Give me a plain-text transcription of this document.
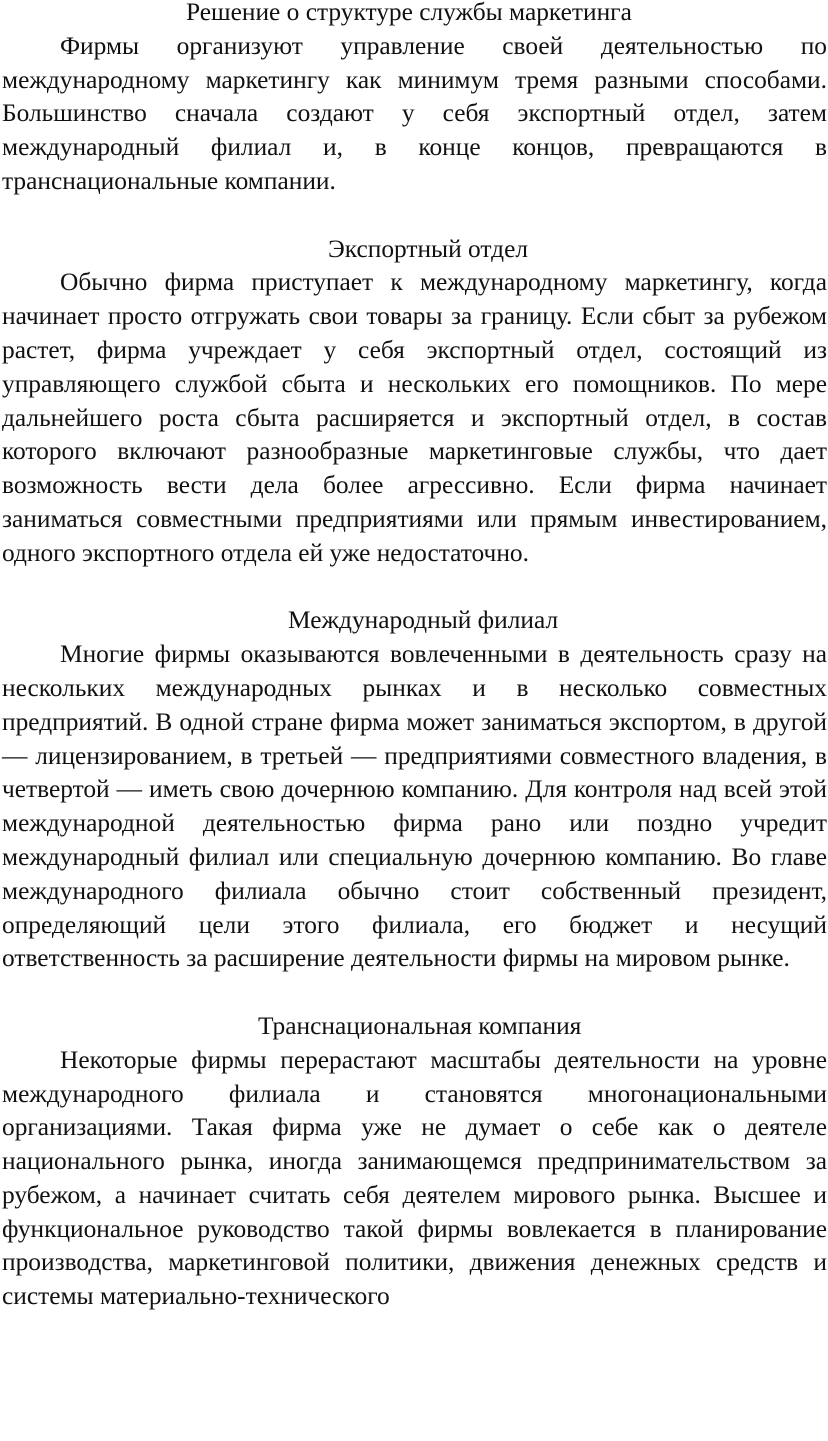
Решение о структуре службы маркетинга

Фирмы организуют управление своей деятельностью по международному маркетингу как минимум тремя разными способами. Большинство сначала создают у себя экспортный отдел, затем международный филиал и, в конце концов, превращаются в транснациональные компании.

Экспортный отдел

Обычно фирма приступает к международному маркетингу, когда начинает просто отгружать свои товары за границу. Если сбыт за рубежом растет, фирма учреждает у себя экспортный отдел, состоящий из управляющего службой сбыта и нескольких его помощников. По мере дальнейшего роста сбыта расширяется и экспортный отдел, в состав которого включают разнообразные маркетинговые службы, что дает возможность вести дела более агрессивно. Если фирма начинает заниматься совместными предприятиями или прямым инвестированием, одного экспортного отдела ей уже недостаточно.

Международный филиал

Многие фирмы оказываются вовлеченными в деятельность сразу на нескольких международных рынках и в несколько совместных предприятий. В одной стране фирма может заниматься экспортом, в другой — лицензированием, в третьей — предприятиями совместного владения, в четвертой — иметь свою дочернюю компанию. Для контроля над всей этой международной деятельностью фирма рано или поздно учредит международный филиал или специальную дочернюю компанию. Во главе международного филиала обычно стоит собственный президент, определяющий цели этого филиала, его бюджет и несущий ответственность за расширение деятельности фирмы на мировом рынке.

Транснациональная компания

Некоторые фирмы перерастают масштабы деятельности на уровне международного филиала и становятся многонациональными организациями. Такая фирма уже не думает о себе как о деятеле национального рынка, иногда занимающемся предпринимательством за рубежом, а начинает считать себя деятелем мирового рынка. Высшее и функциональное руководство такой фирмы вовлекается в планирование производства, маркетинговой политики, движения денежных средств и системы материально-технического
